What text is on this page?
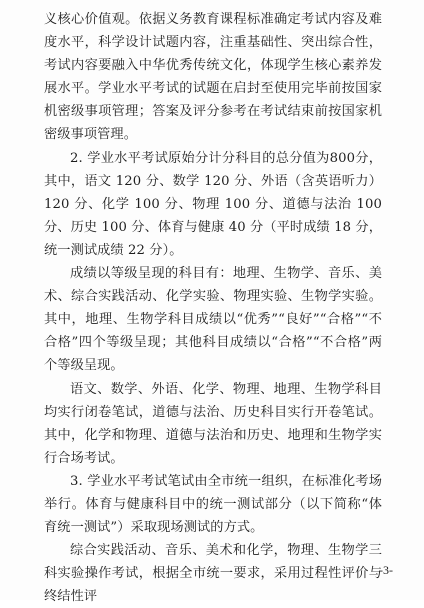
义核心价值观。依据义务教育课程标准确定考试内容及难度水平，科学设计试题内容，注重基础性、突出综合性，考试内容要融入中华优秀传统文化，体现学生核心素养发展水平。学业水平考试的试题在启封至使用完毕前按国家机密级事项管理；答案及评分参考在考试结束前按国家机密级事项管理。

2. 学业水平考试原始分计分科目的总分值为800分，其中，语文 120 分、数学 120 分、外语（含英语听力）120 分、化学 100 分、物理 100 分、道德与法治 100 分、历史 100 分、体育与健康 40 分（平时成绩 18 分，统一测试成绩 22 分）。

成绩以等级呈现的科目有：地理、生物学、音乐、美术、综合实践活动、化学实验、物理实验、生物学实验。其中，地理、生物学科目成绩以“优秀”“良好”“合格”“不合格”四个等级呈现；其他科目成绩以“合格”“不合格”两个等级呈现。

语文、数学、外语、化学、物理、地理、生物学科目均实行闭卷笔试，道德与法治、历史科目实行开卷笔试。其中，化学和物理、道德与法治和历史、地理和生物学实行合场考试。

3. 学业水平考试笔试由全市统一组织，在标准化考场举行。体育与健康科目中的统一测试部分（以下简称“体育统一测试”）采取现场测试的方式。

综合实践活动、音乐、美术和化学，物理、生物学三科实验操作考试，根据全市统一要求，采用过程性评价与终结性评

-3-
